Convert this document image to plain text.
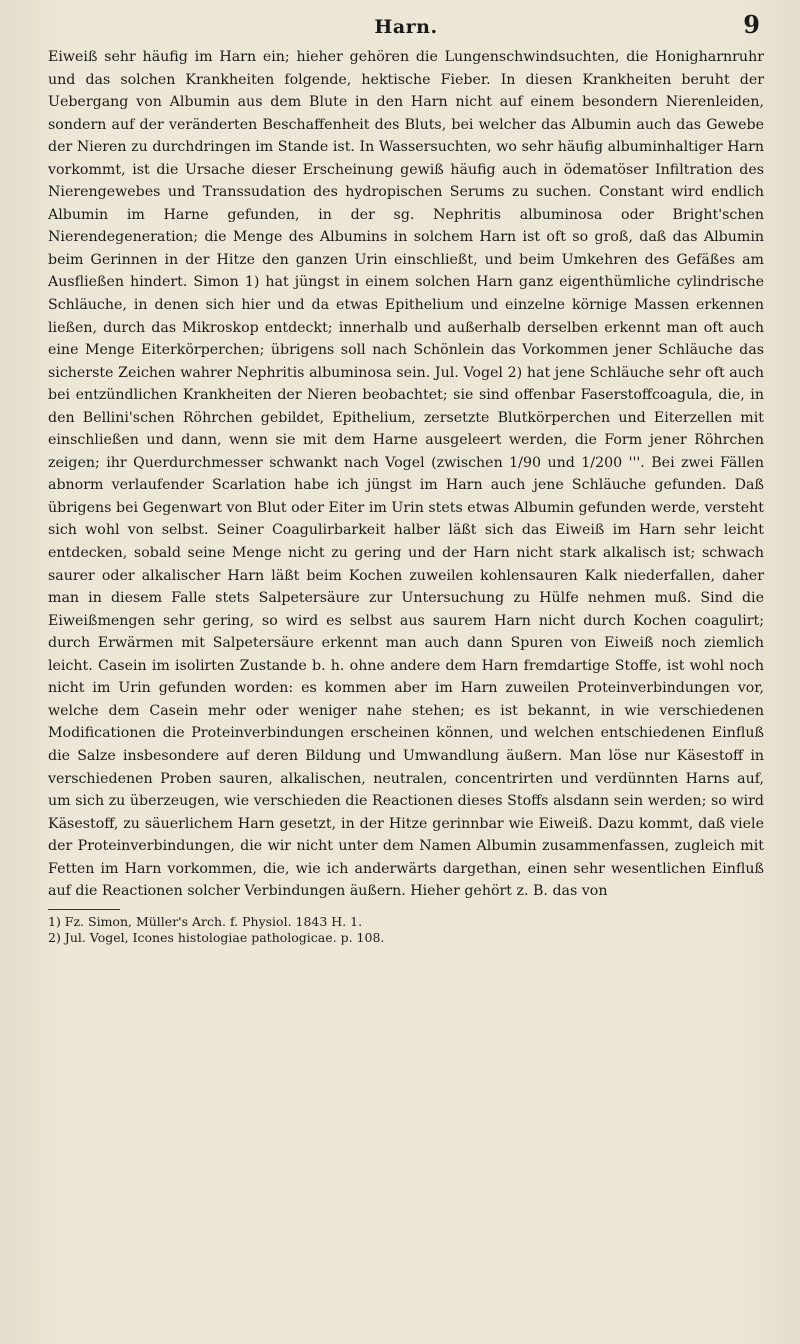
Harn.	9

Eiweiß sehr häufig im Harn ein; hieher gehören die Lungenschwindsuchten, die Honigharnruhr und das solchen Krankheiten folgende, hektische Fieber. In diesen Krankheiten beruht der Uebergang von Albumin aus dem Blute in den Harn nicht auf einem besondern Nierenleiden, sondern auf der veränderten Beschaffenheit des Bluts, bei welcher das Albumin auch das Gewebe der Nieren zu durchdringen im Stande ist. In Wassersuchten, wo sehr häufig albuminhaltiger Harn vorkommt, ist die Ursache dieser Erscheinung gewiß häufig auch in ödematöser Infiltration des Nierengewebes und Transsudation des hydropischen Serums zu suchen. Constant wird endlich Albumin im Harne gefunden, in der sg. Nephritis albuminosa oder Bright'schen Nierendegeneration; die Menge des Albumins in solchem Harn ist oft so groß, daß das Albumin beim Gerinnen in der Hitze den ganzen Urin einschließt, und beim Umkehren des Gefäßes am Ausfließen hindert. Simon 1) hat jüngst in einem solchen Harn ganz eigenthümliche cylindrische Schläuche, in denen sich hier und da etwas Epithelium und einzelne körnige Massen erkennen ließen, durch das Mikroskop entdeckt; innerhalb und außerhalb derselben erkennt man oft auch eine Menge Eiterkörperchen; übrigens soll nach Schönlein das Vorkommen jener Schläuche das sicherste Zeichen wahrer Nephritis albuminosa sein. Jul. Vogel 2) hat jene Schläuche sehr oft auch bei entzündlichen Krankheiten der Nieren beobachtet; sie sind offenbar Faserstoffcoagula, die, in den Bellini'schen Röhrchen gebildet, Epithelium, zersetzte Blutkörperchen und Eiterzellen mit einschließen und dann, wenn sie mit dem Harne ausgeleert werden, die Form jener Röhrchen zeigen; ihr Querdurchmesser schwankt nach Vogel (zwischen 1/90 und 1/200 '''. Bei zwei Fällen abnorm verlaufender Scarlation habe ich jüngst im Harn auch jene Schläuche gefunden. Daß übrigens bei Gegenwart von Blut oder Eiter im Urin stets etwas Albumin gefunden werde, versteht sich wohl von selbst. Seiner Coagulirbarkeit halber läßt sich das Eiweiß im Harn sehr leicht entdecken, sobald seine Menge nicht zu gering und der Harn nicht stark alkalisch ist; schwach saurer oder alkalischer Harn läßt beim Kochen zuweilen kohlensauren Kalk niederfallen, daher man in diesem Falle stets Salpetersäure zur Untersuchung zu Hülfe nehmen muß. Sind die Eiweißmengen sehr gering, so wird es selbst aus saurem Harn nicht durch Kochen coagulirt; durch Erwärmen mit Salpetersäure erkennt man auch dann Spuren von Eiweiß noch ziemlich leicht. Casein im isolirten Zustande b. h. ohne andere dem Harn fremdartige Stoffe, ist wohl noch nicht im Urin gefunden worden: es kommen aber im Harn zuweilen Proteinverbindungen vor, welche dem Casein mehr oder weniger nahe stehen; es ist bekannt, in wie verschiedenen Modificationen die Proteinverbindungen erscheinen können, und welchen entschiedenen Einfluß die Salze insbesondere auf deren Bildung und Umwandlung äußern. Man löse nur Käsestoff in verschiedenen Proben sauren, alkalischen, neutralen, concentrirten und verdünnten Harns auf, um sich zu überzeugen, wie verschieden die Reactionen dieses Stoffs alsdann sein werden; so wird Käsestoff, zu säuerlichem Harn gesetzt, in der Hitze gerinnbar wie Eiweiß. Dazu kommt, daß viele der Proteinverbindungen, die wir nicht unter dem Namen Albumin zusammenfassen, zugleich mit Fetten im Harn vorkommen, die, wie ich anderwärts dargethan, einen sehr wesentlichen Einfluß auf die Reactionen solcher Verbindungen äußern. Hieher gehört z. B. das von

1) Fz. Simon, Müller's Arch. f. Physiol. 1843 H. 1.
2) Jul. Vogel, Icones histologiae pathologicae. p. 108.
